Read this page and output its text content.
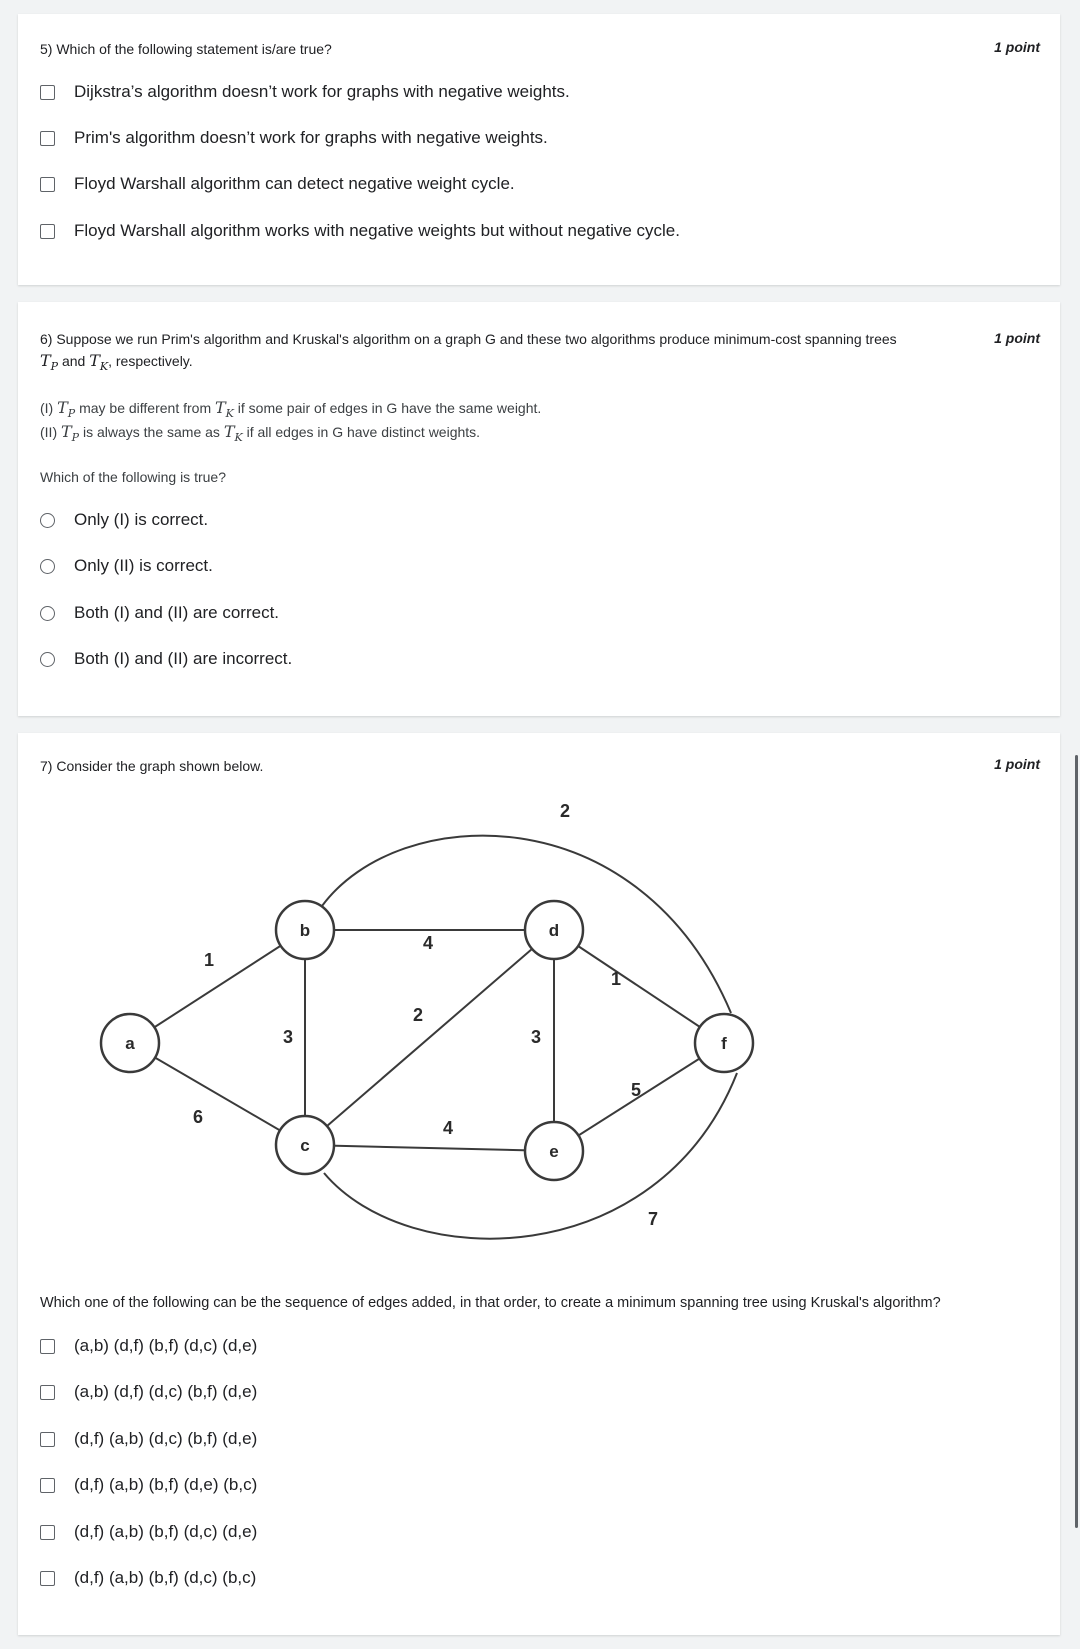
5) Which of the following statement is/are true?	1 point
Dijkstra’s algorithm doesn’t work for graphs with negative weights.
Prim's algorithm doesn’t work for graphs with negative weights.
Floyd Warshall algorithm can detect negative weight cycle.
Floyd Warshall algorithm works with negative weights but without negative cycle.
6) Suppose we run Prim's algorithm and Kruskal's algorithm on a graph G and these two algorithms produce minimum-cost spanning trees
$T_P$ and $T_K$, respectively.
1 point
(I) $T_P$ may be different from $T_K$ if some pair of edges in G have the same weight.
(II) $T_P$ is always the same as $T_K$ if all edges in G have distinct weights.
Which of the following is true?
Only (I) is correct.
Only (II) is correct.
Both (I) and (II) are correct.
Both (I) and (II) are incorrect.
7) Consider the graph shown below.	1 point
1
6
3
4
2
4
3
1
5
2
7
a
b
c
d
e
f
Which one of the following can be the sequence of edges added, in that order, to create a minimum spanning tree using Kruskal's algorithm?
(a,b) (d,f) (b,f) (d,c) (d,e)
(a,b) (d,f) (d,c) (b,f) (d,e)
(d,f) (a,b) (d,c) (b,f) (d,e)
(d,f) (a,b) (b,f) (d,e) (b,c)
(d,f) (a,b) (b,f) (d,c) (d,e)
(d,f) (a,b) (b,f) (d,c) (b,c)
